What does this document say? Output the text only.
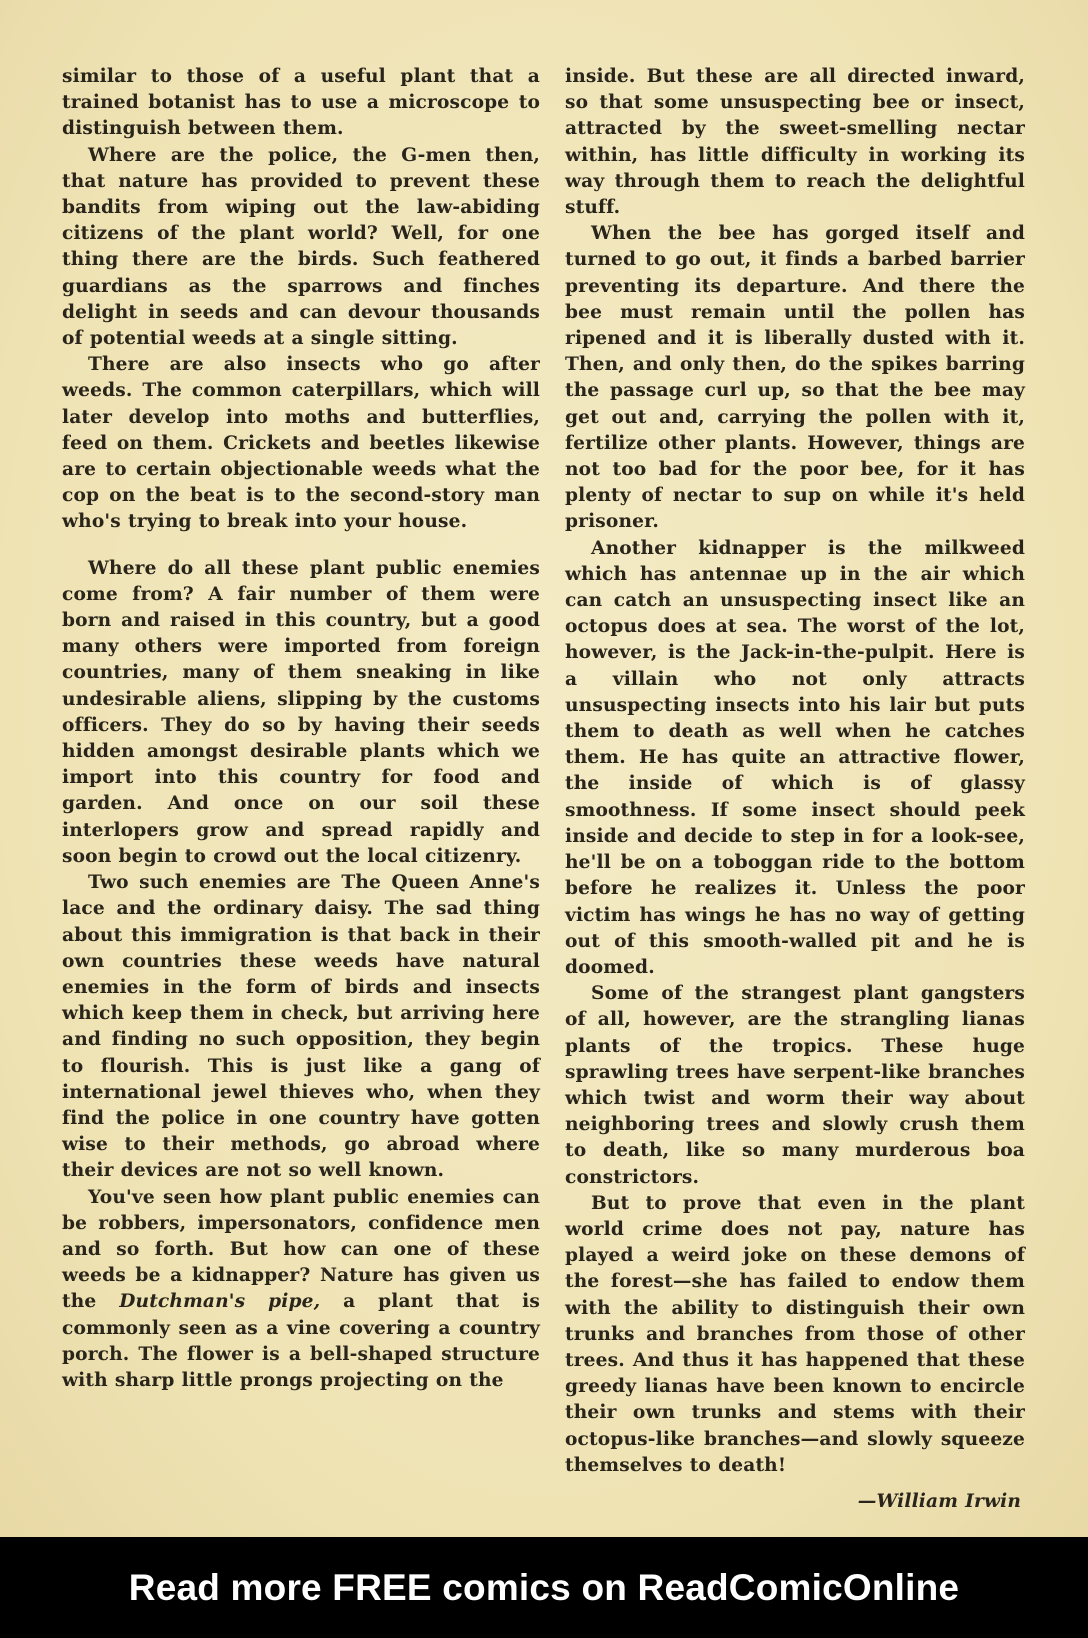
similar to those of a useful plant that a trained botanist has to use a microscope to distinguish between them.

Where are the police, the G-men then, that nature has provided to prevent these bandits from wiping out the law-abiding citizens of the plant world? Well, for one thing there are the birds. Such feathered guardians as the sparrows and finches delight in seeds and can devour thousands of potential weeds at a single sitting.

There are also insects who go after weeds. The common caterpillars, which will later develop into moths and butterflies, feed on them. Crickets and beetles likewise are to certain objectionable weeds what the cop on the beat is to the second-story man who's trying to break into your house.

Where do all these plant public enemies come from? A fair number of them were born and raised in this country, but a good many others were imported from foreign countries, many of them sneaking in like undesirable aliens, slipping by the customs officers. They do so by having their seeds hidden amongst desirable plants which we import into this country for food and garden. And once on our soil these interlopers grow and spread rapidly and soon begin to crowd out the local citizenry.

Two such enemies are The Queen Anne's lace and the ordinary daisy. The sad thing about this immigration is that back in their own countries these weeds have natural enemies in the form of birds and insects which keep them in check, but arriving here and finding no such opposition, they begin to flourish. This is just like a gang of international jewel thieves who, when they find the police in one country have gotten wise to their methods, go abroad where their devices are not so well known.

You've seen how plant public enemies can be robbers, impersonators, confidence men and so forth. But how can one of these weeds be a kidnapper? Nature has given us the Dutchman's pipe, a plant that is commonly seen as a vine covering a country porch. The flower is a bell-shaped structure with sharp little prongs projecting on the

inside. But these are all directed inward, so that some unsuspecting bee or insect, attracted by the sweet-smelling nectar within, has little difficulty in working its way through them to reach the delightful stuff.

When the bee has gorged itself and turned to go out, it finds a barbed barrier preventing its departure. And there the bee must remain until the pollen has ripened and it is liberally dusted with it. Then, and only then, do the spikes barring the passage curl up, so that the bee may get out and, carrying the pollen with it, fertilize other plants. However, things are not too bad for the poor bee, for it has plenty of nectar to sup on while it's held prisoner.

Another kidnapper is the milkweed which has antennae up in the air which can catch an unsuspecting insect like an octopus does at sea. The worst of the lot, however, is the Jack-in-the-pulpit. Here is a villain who not only attracts unsuspecting insects into his lair but puts them to death as well when he catches them. He has quite an attractive flower, the inside of which is of glassy smoothness. If some insect should peek inside and decide to step in for a look-see, he'll be on a toboggan ride to the bottom before he realizes it. Unless the poor victim has wings he has no way of getting out of this smooth-walled pit and he is doomed.

Some of the strangest plant gangsters of all, however, are the strangling lianas plants of the tropics. These huge sprawling trees have serpent-like branches which twist and worm their way about neighboring trees and slowly crush them to death, like so many murderous boa constrictors.

But to prove that even in the plant world crime does not pay, nature has played a weird joke on these demons of the forest—she has failed to endow them with the ability to distinguish their own trunks and branches from those of other trees. And thus it has happened that these greedy lianas have been known to encircle their own trunks and stems with their octopus-like branches—and slowly squeeze themselves to death!

—William Irwin
Read more FREE comics on ReadComicOnline
